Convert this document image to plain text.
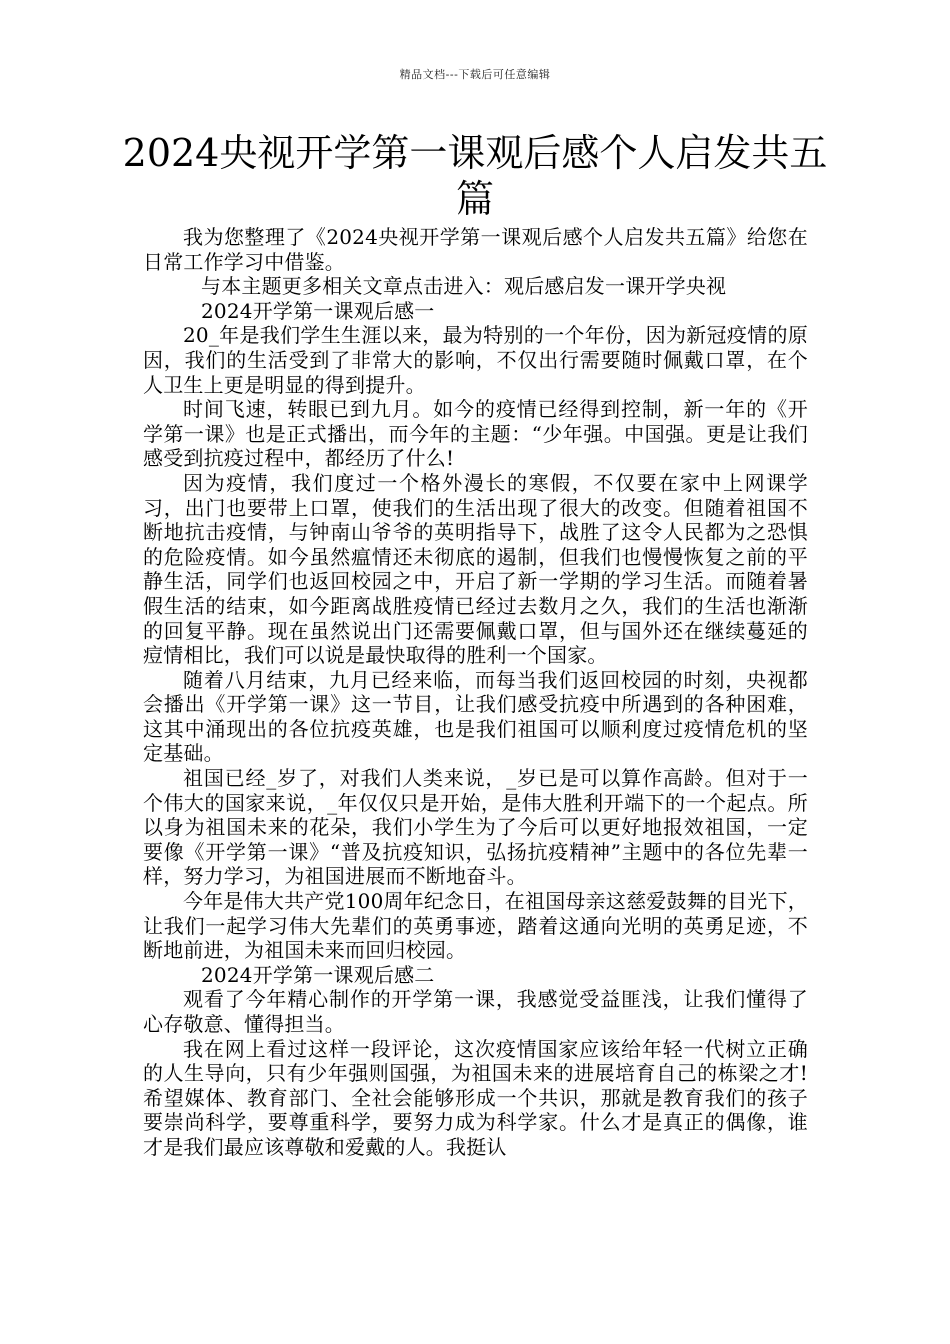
精品文档---下载后可任意编辑
2024央视开学第一课观后感个人启发共五篇

我为您整理了《2024央视开学第一课观后感个人启发共五篇》给您在日常工作学习中借鉴。

与本主题更多相关文章点击进入：观后感启发一课开学央视

2024开学第一课观后感一

20_年是我们学生生涯以来，最为特别的一个年份，因为新冠疫情的原因，我们的生活受到了非常大的影响，不仅出行需要随时佩戴口罩，在个人卫生上更是明显的得到提升。

时间飞速，转眼已到九月。如今的疫情已经得到控制，新一年的《开学第一课》也是正式播出，而今年的主题：“少年强。中国强。更是让我们感受到抗疫过程中，都经历了什么!

因为疫情，我们度过一个格外漫长的寒假，不仅要在家中上网课学习，出门也要带上口罩，使我们的生活出现了很大的改变。但随着祖国不断地抗击疫情，与钟南山爷爷的英明指导下，战胜了这令人民都为之恐惧的危险疫情。如今虽然瘟情还未彻底的遏制，但我们也慢慢恢复之前的平静生活，同学们也返回校园之中，开启了新一学期的学习生活。而随着暑假生活的结束，如今距离战胜疫情已经过去数月之久，我们的生活也渐渐的回复平静。现在虽然说出门还需要佩戴口罩，但与国外还在继续蔓延的痘情相比，我们可以说是最快取得的胜利一个国家。

随着八月结束，九月已经来临，而每当我们返回校园的时刻，央视都会播出《开学第一课》这一节目，让我们感受抗疫中所遇到的各种困难，这其中涌现出的各位抗疫英雄，也是我们祖国可以顺利度过疫情危机的坚定基础。

祖国已经_岁了，对我们人类来说，_岁已是可以算作高龄。但对于一个伟大的国家来说，_年仅仅只是开始，是伟大胜利开端下的一个起点。所以身为祖国未来的花朵，我们小学生为了今后可以更好地报效祖国，一定要像《开学第一课》“普及抗疫知识，弘扬抗疫精神”主题中的各位先辈一样，努力学习，为祖国进展而不断地奋斗。

今年是伟大共产党100周年纪念日，在祖国母亲这慈爱鼓舞的目光下，让我们一起学习伟大先辈们的英勇事迹，踏着这通向光明的英勇足迹，不断地前进，为祖国未来而回归校园。

2024开学第一课观后感二

观看了今年精心制作的开学第一课，我感觉受益匪浅，让我们懂得了心存敬意、懂得担当。

我在网上看过这样一段评论，这次疫情国家应该给年轻一代树立正确的人生导向，只有少年强则国强，为祖国未来的进展培育自己的栋梁之才!希望媒体、教育部门、全社会能够形成一个共识，那就是教育我们的孩子要崇尚科学，要尊重科学，要努力成为科学家。什么才是真正的偶像，谁才是我们最应该尊敬和爱戴的人。我挺认
